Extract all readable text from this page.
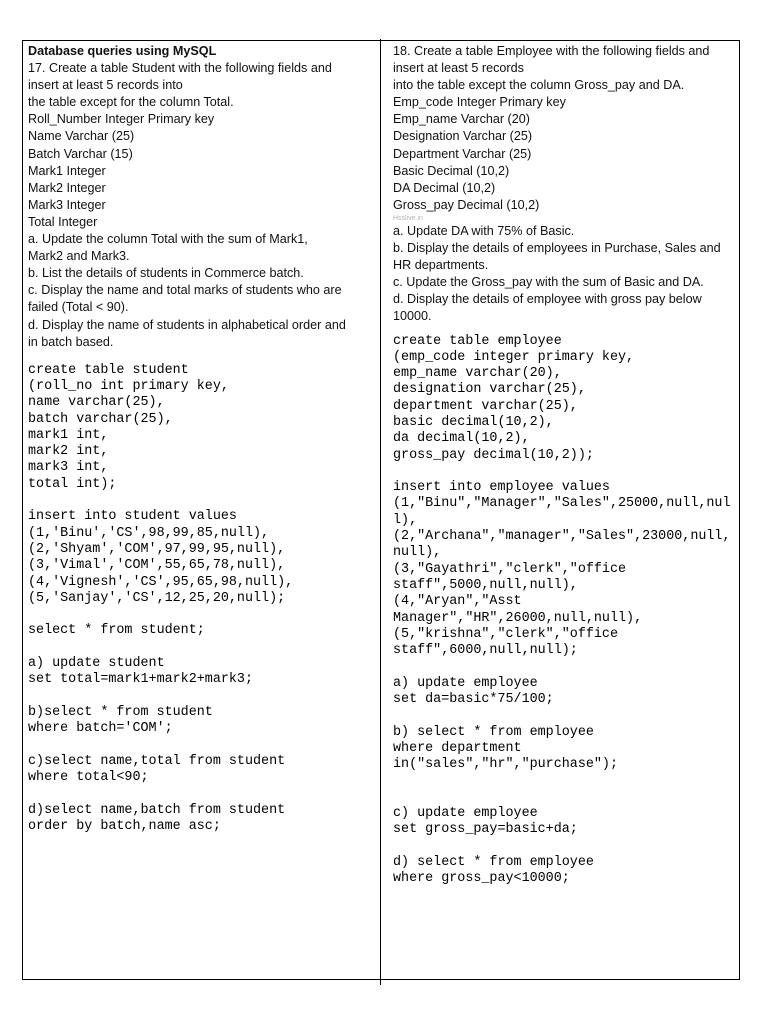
Database queries using MySQL
17. Create a table Student with the following fields and
insert at least 5 records into
the table except for the column Total.
Roll_Number Integer Primary key
Name Varchar (25)
Batch Varchar (15)
Mark1 Integer
Mark2 Integer
Mark3 Integer
Total Integer
a. Update the column Total with the sum of Mark1,
Mark2 and Mark3.
b. List the details of students in Commerce batch.
c. Display the name and total marks of students who are
failed (Total < 90).
d. Display the name of students in alphabetical order and
in batch based.
create table student
(roll_no int primary key,
name varchar(25),
batch varchar(25),
mark1 int,
mark2 int,
mark3 int,
total int);
insert into student values
(1,'Binu','CS',98,99,85,null),
(2,'Shyam','COM',97,99,95,null),
(3,'Vimal','COM',55,65,78,null),
(4,'Vignesh','CS',95,65,98,null),
(5,'Sanjay','CS',12,25,20,null);
select * from student;
a) update student
set total=mark1+mark2+mark3;
b)select * from student
where batch='COM';
c)select name,total from student
where total<90;
d)select name,batch from student
order by batch,name asc;
18. Create a table Employee with the following fields and
insert at least 5 records
into the table except the column Gross_pay and DA.
Emp_code Integer Primary key
Emp_name Varchar (20)
Designation Varchar (25)
Department Varchar (25)
Basic Decimal (10,2)
DA Decimal (10,2)
Gross_pay Decimal (10,2)
Hsslive.in
a. Update DA with 75% of Basic.
b. Display the details of employees in Purchase, Sales and
HR departments.
c. Update the Gross_pay with the sum of Basic and DA.
d. Display the details of employee with gross pay below
10000.
create table employee
(emp_code integer primary key,
emp_name varchar(20),
designation varchar(25),
department varchar(25),
basic decimal(10,2),
da decimal(10,2),
gross_pay decimal(10,2));
insert into employee values
(1,"Binu","Manager","Sales",25000,null,nul
l),
(2,"Archana","manager","Sales",23000,null,
null),
(3,"Gayathri","clerk","office
staff",5000,null,null),
(4,"Aryan","Asst
Manager","HR",26000,null,null),
(5,"krishna","clerk","office
staff",6000,null,null);
a) update employee
set da=basic*75/100;
b) select * from employee
where department
in("sales","hr","purchase");
c) update employee
set gross_pay=basic+da;
d) select * from employee
where gross_pay<10000;
